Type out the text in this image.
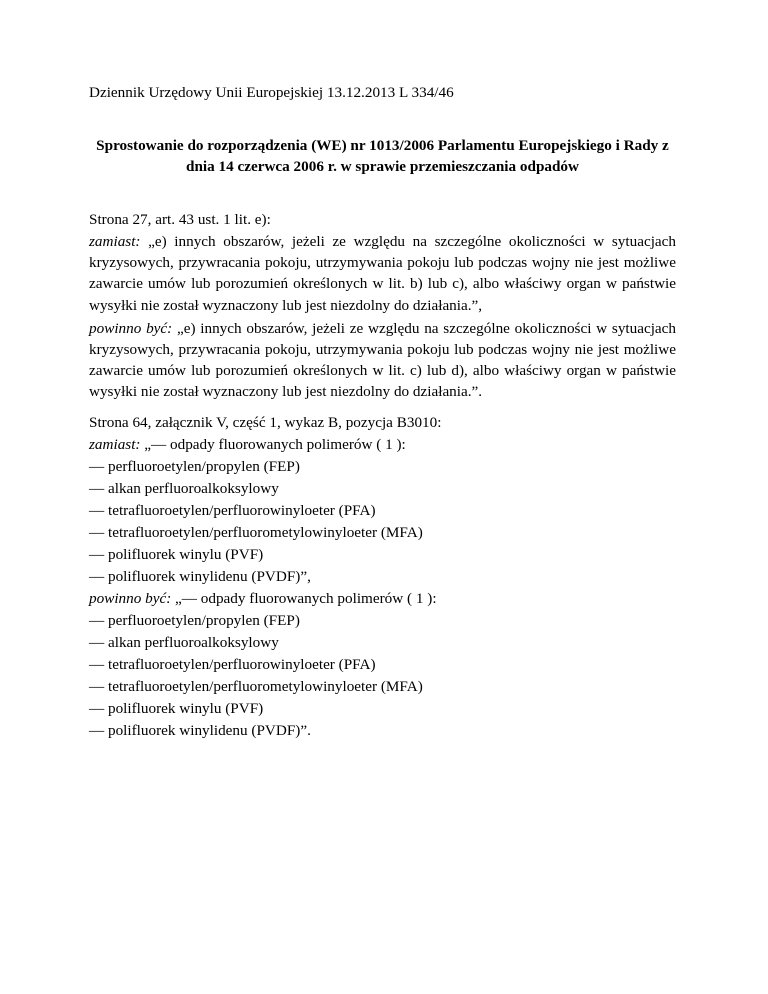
Dziennik Urzędowy Unii Europejskiej 13.12.2013 L 334/46
Sprostowanie do rozporządzenia (WE) nr 1013/2006 Parlamentu Europejskiego i Rady z dnia 14 czerwca 2006 r. w sprawie przemieszczania odpadów
Strona 27, art. 43 ust. 1 lit. e):
zamiast: „e) innych obszarów, jeżeli ze względu na szczególne okoliczności w sytuacjach kryzysowych, przywracania pokoju, utrzymywania pokoju lub podczas wojny nie jest możliwe zawarcie umów lub porozumień określonych w lit. b) lub c), albo właściwy organ w państwie wysyłki nie został wyznaczony lub jest niezdolny do działania.”,
powinno być: „e) innych obszarów, jeżeli ze względu na szczególne okoliczności w sytuacjach kryzysowych, przywracania pokoju, utrzymywania pokoju lub podczas wojny nie jest możliwe zawarcie umów lub porozumień określonych w lit. c) lub d), albo właściwy organ w państwie wysyłki nie został wyznaczony lub jest niezdolny do działania.”.
Strona 64, załącznik V, część 1, wykaz B, pozycja B3010:
zamiast: „— odpady fluorowanych polimerów ( 1 ):
— perfluoroetylen/propylen (FEP)
— alkan perfluoroalkoksylowy
— tetrafluoroetylen/perfluorowinyloeter (PFA)
— tetrafluoroetylen/perfluorometylowinyloeter (MFA)
— polifluorek winylu (PVF)
— polifluorek winylidenu (PVDF)”,
powinno być: „— odpady fluorowanych polimerów ( 1 ):
— perfluoroetylen/propylen (FEP)
— alkan perfluoroalkoksylowy
— tetrafluoroetylen/perfluorowinyloeter (PFA)
— tetrafluoroetylen/perfluorometylowinyloeter (MFA)
— polifluorek winylu (PVF)
— polifluorek winylidenu (PVDF)”.
